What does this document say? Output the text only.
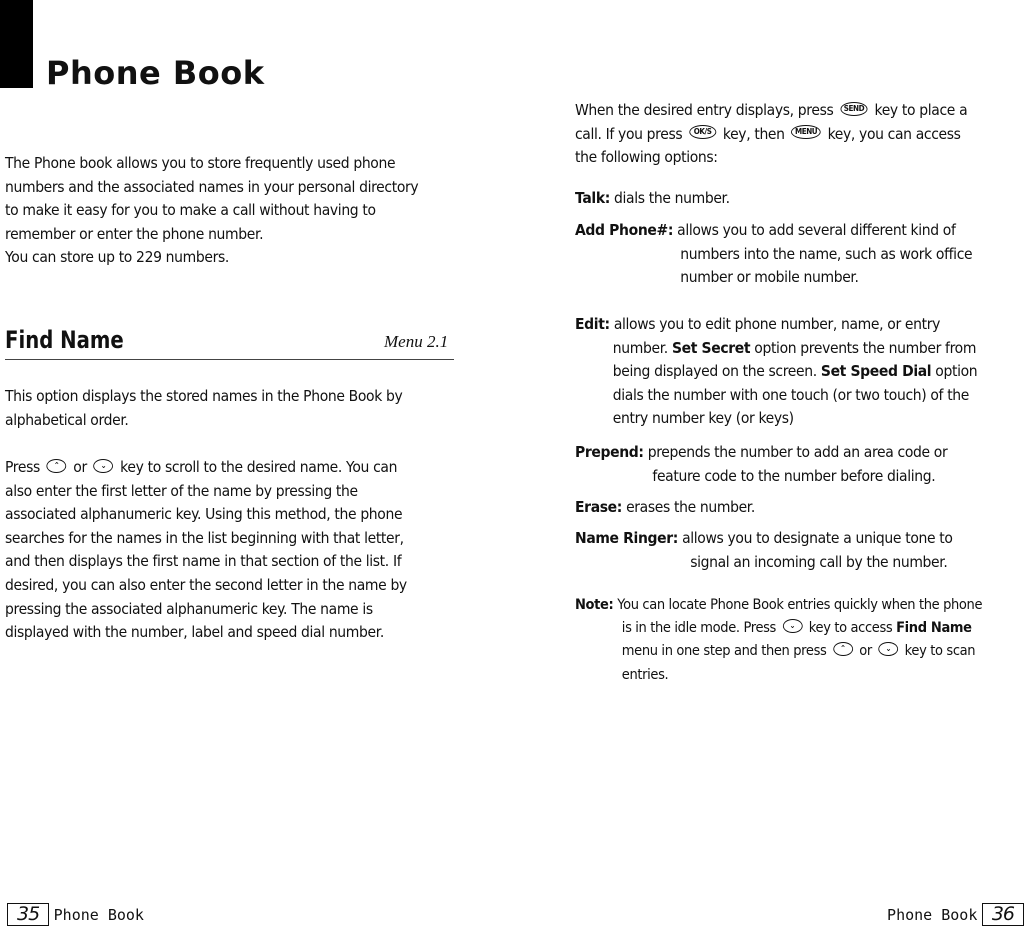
Phone Book
The Phone book allows you to store frequently used phone
numbers and the associated names in your personal directory
to make it easy for you to make a call without having to
remember or enter the phone number.
You can store up to 229 numbers.
Find Name	Menu 2.1
This option displays the stored names in the Phone Book by
alphabetical order.
Press ⌃ or ⌄ key to scroll to the desired name. You can
also enter the first letter of the name by pressing the
associated alphanumeric key. Using this method, the phone
searches for the names in the list beginning with that letter,
and then displays the first name in that section of the list. If
desired, you can also enter the second letter in the name by
pressing the associated alphanumeric key. The name is
displayed with the number, label and speed dial number.
When the desired entry displays, press SEND key to place a
call. If you press OK/S key, then MENU key, you can access
the following options:
Talk: dials the number.
Add Phone#: allows you to add several different kind of
numbers into the name, such as work office
number or mobile number.
Edit: allows you to edit phone number, name, or entry
number. Set Secret option prevents the number from
being displayed on the screen. Set Speed Dial option
dials the number with one touch (or two touch) of the
entry number key (or keys)
Prepend: prepends the number to add an area code or
feature code to the number before dialing.
Erase: erases the number.
Name Ringer: allows you to designate a unique tone to
signal an incoming call by the number.
Note: You can locate Phone Book entries quickly when the phone
is in the idle mode. Press ⌄ key to access Find Name
menu in one step and then press ⌃ or ⌄ key to scan
entries.
35 Phone Book	Phone Book 36
